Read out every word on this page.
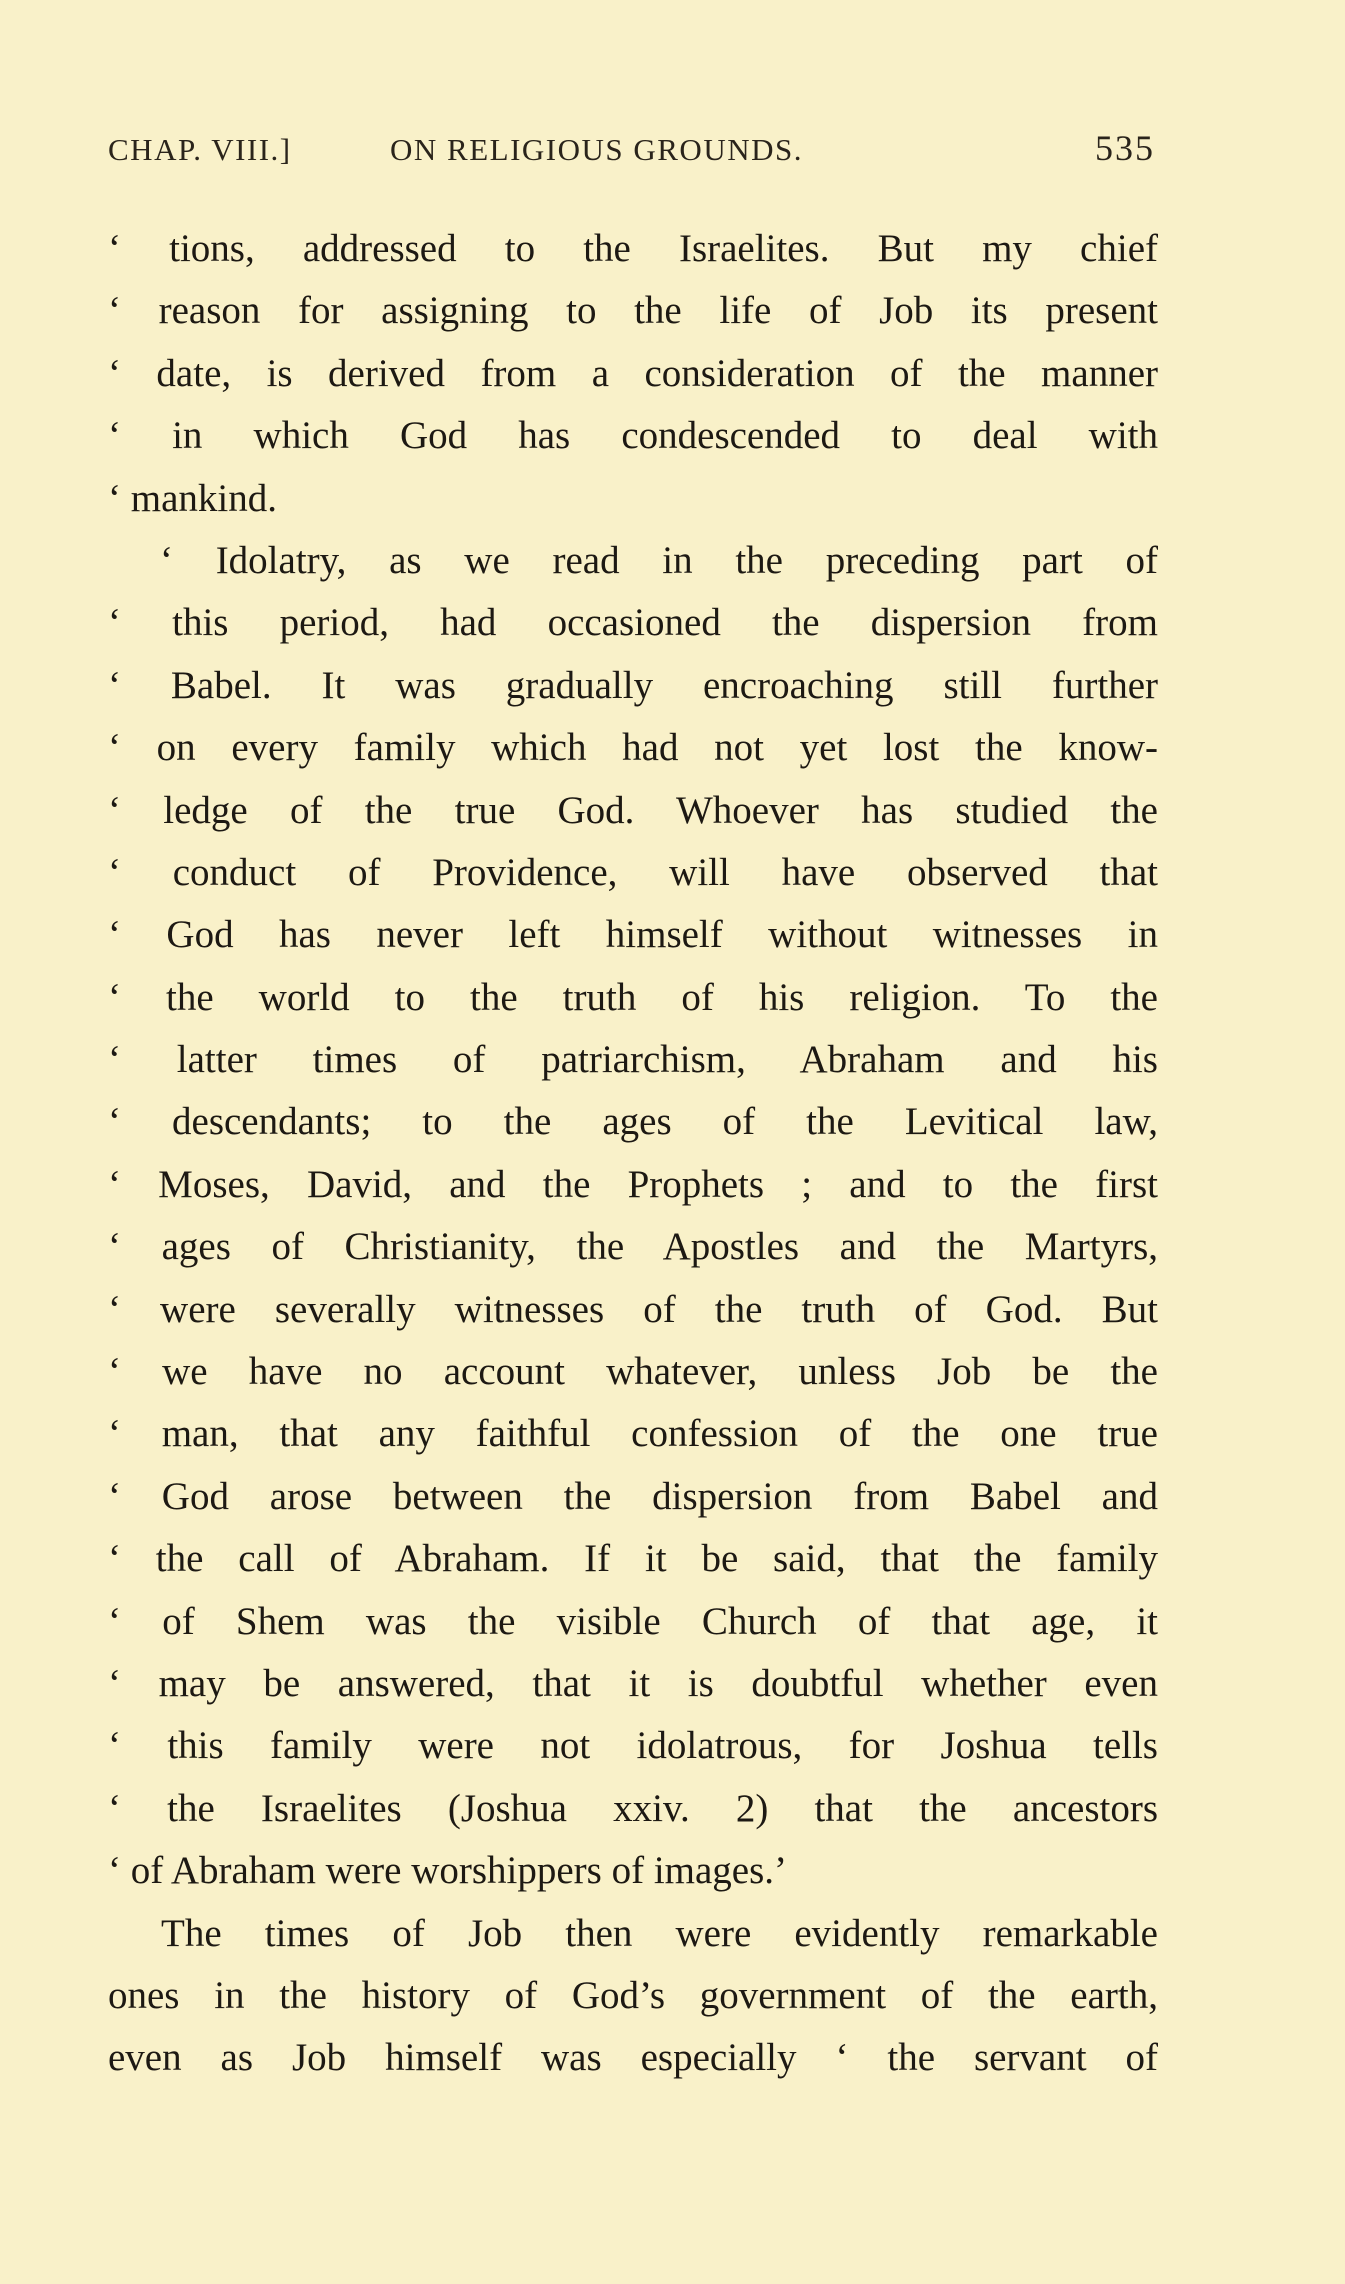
CHAP. VIII.]	ON RELIGIOUS GROUNDS.	535
‘ tions, addressed to the Israelites. But my chief
‘ reason for assigning to the life of Job its present
‘ date, is derived from a consideration of the manner
‘ in which God has condescended to deal with
‘ mankind.
‘ Idolatry, as we read in the preceding part of
‘ this period, had occasioned the dispersion from
‘ Babel. It was gradually encroaching still further
‘ on every family which had not yet lost the know-
‘ ledge of the true God. Whoever has studied the
‘ conduct of Providence, will have observed that
‘ God has never left himself without witnesses in
‘ the world to the truth of his religion. To the
‘ latter times of patriarchism, Abraham and his
‘ descendants; to the ages of the Levitical law,
‘ Moses, David, and the Prophets ; and to the first
‘ ages of Christianity, the Apostles and the Martyrs,
‘ were severally witnesses of the truth of God. But
‘ we have no account whatever, unless Job be the
‘ man, that any faithful confession of the one true
‘ God arose between the dispersion from Babel and
‘ the call of Abraham. If it be said, that the family
‘ of Shem was the visible Church of that age, it
‘ may be answered, that it is doubtful whether even
‘ this family were not idolatrous, for Joshua tells
‘ the Israelites (Joshua xxiv. 2) that the ancestors
‘ of Abraham were worshippers of images.’
The times of Job then were evidently remarkable
ones in the history of God’s government of the earth,
even as Job himself was especially ‘ the servant of
